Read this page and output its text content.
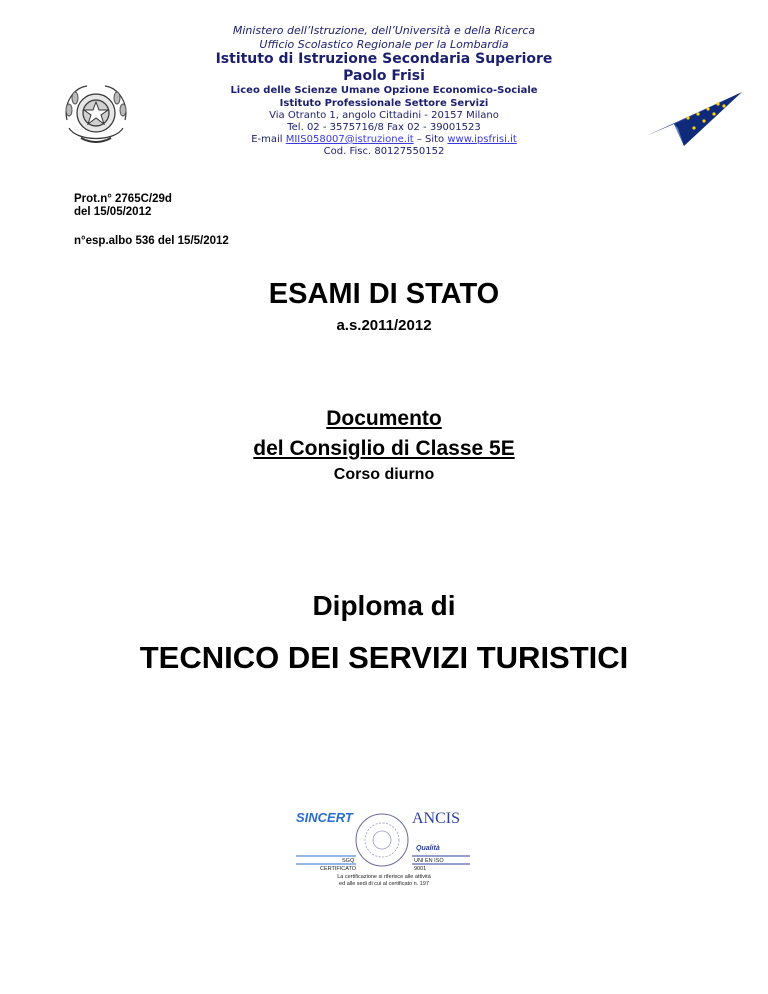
Ministero dell’Istruzione, dell’Università e della Ricerca
Ufficio Scolastico Regionale per la Lombardia
Istituto di Istruzione Secondaria Superiore
Paolo Frisi
Liceo delle Scienze Umane Opzione Economico-Sociale
Istituto Professionale Settore Servizi
Via Otranto 1, angolo Cittadini - 20157 Milano
Tel. 02 - 3575716/8 Fax 02 - 39001523
E-mail MIIS058007@istruzione.it – Sito www.ipsfrisi.it
Cod. Fisc. 80127550152
Prot.n° 2765C/29d
del 15/05/2012
n°esp.albo 536 del 15/5/2012
ESAMI DI STATO
a.s.2011/2012
Documento
del Consiglio di Classe 5E
Corso diurno
Diploma di
TECNICO DEI SERVIZI TURISTICI
SINCERT	ANCIS
Qualità
SGQ
CERTIFICATO
UNI EN ISO
9001
La certificazione si riferisce alle attività
ed alle sedi di cui al certificato n. 197
